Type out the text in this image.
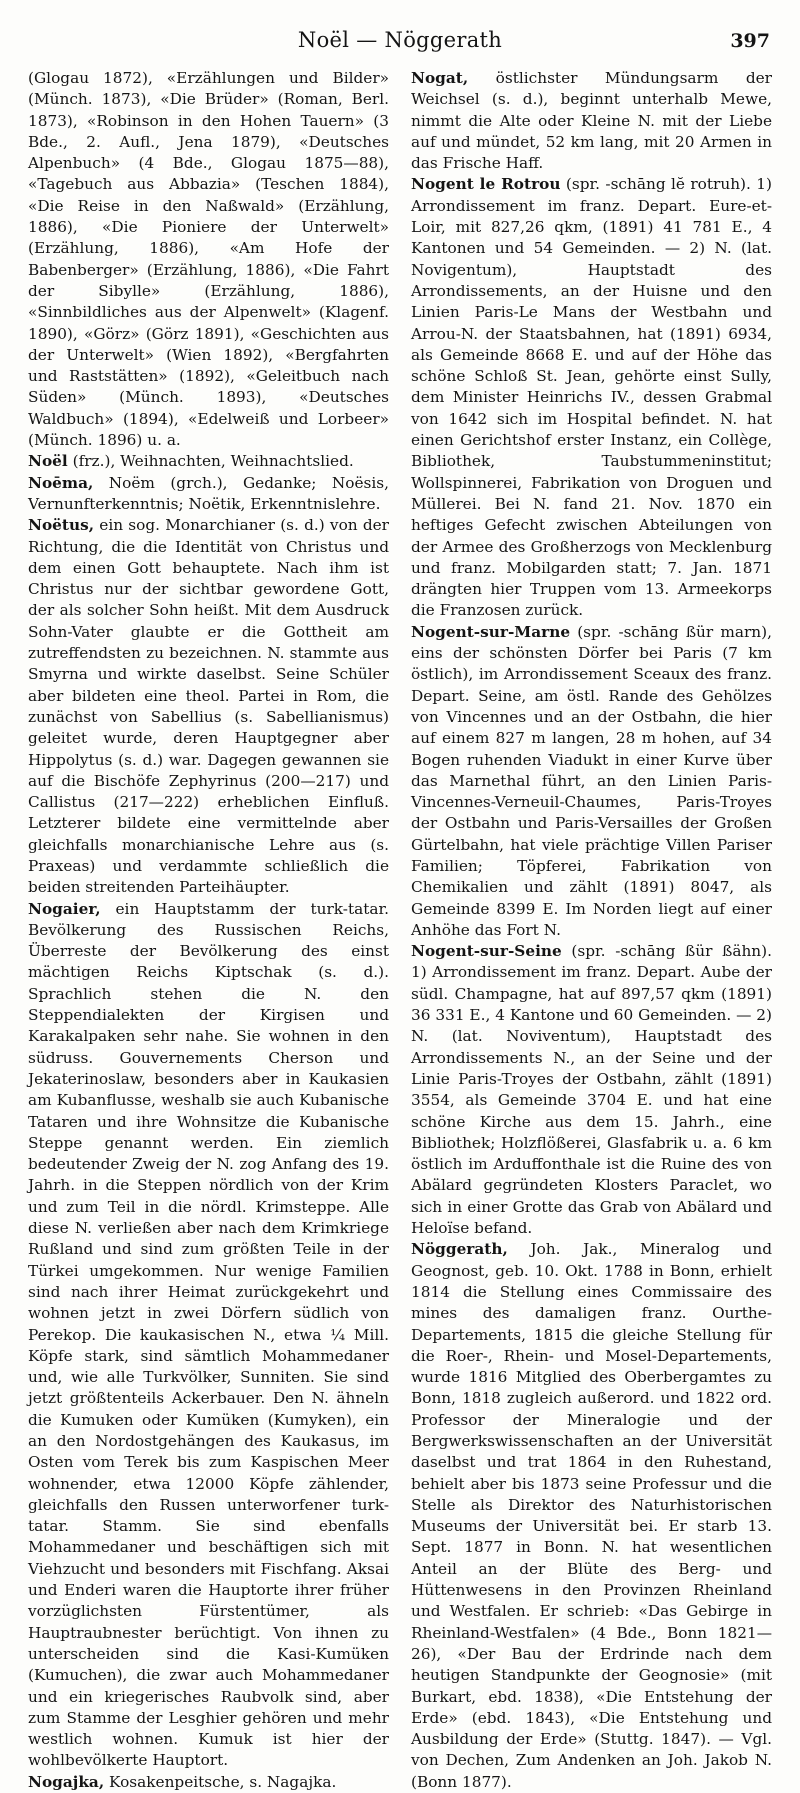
Noël — Nöggerath	397

(Glogau 1872), «Erzählungen und Bilder» (Münch. 1873), «Die Brüder» (Roman, Berl. 1873), «Robinson in den Hohen Tauern» (3 Bde., 2. Aufl., Jena 1879), «Deutsches Alpenbuch» (4 Bde., Glogau 1875—88), «Tagebuch aus Abbazia» (Teschen 1884), «Die Reise in den Naßwald» (Erzählung, 1886), «Die Pioniere der Unterwelt» (Erzählung, 1886), «Am Hofe der Babenberger» (Erzählung, 1886), «Die Fahrt der Sibylle» (Erzählung, 1886), «Sinnbildliches aus der Alpenwelt» (Klagenf. 1890), «Görz» (Görz 1891), «Geschichten aus der Unterwelt» (Wien 1892), «Bergfahrten und Raststätten» (1892), «Geleitbuch nach Süden» (Münch. 1893), «Deutsches Waldbuch» (1894), «Edelweiß und Lorbeer» (Münch. 1896) u. a.

Noël (frz.), Weihnachten, Weihnachtslied.

Noēma, Noëm (grch.), Gedanke; Noësis, Vernunfterkenntnis; Noëtik, Erkenntnislehre.

Noëtus, ein sog. Monarchianer (s. d.) von der Richtung, die die Identität von Christus und dem einen Gott behauptete. Nach ihm ist Christus nur der sichtbar gewordene Gott, der als solcher Sohn heißt. Mit dem Ausdruck Sohn-Vater glaubte er die Gottheit am zutreffendsten zu bezeichnen. N. stammte aus Smyrna und wirkte daselbst. Seine Schüler aber bildeten eine theol. Partei in Rom, die zunächst von Sabellius (s. Sabellianismus) geleitet wurde, deren Hauptgegner aber Hippolytus (s. d.) war. Dagegen gewannen sie auf die Bischöfe Zephyrinus (200—217) und Callistus (217—222) erheblichen Einfluß. Letzterer bildete eine vermittelnde aber gleichfalls monarchianische Lehre aus (s. Praxeas) und verdammte schließlich die beiden streitenden Parteihäupter.

Nogaier, ein Hauptstamm der turk-tatar. Bevölkerung des Russischen Reichs, Überreste der Bevölkerung des einst mächtigen Reichs Kiptschak (s. d.). Sprachlich stehen die N. den Steppendialekten der Kirgisen und Karakalpaken sehr nahe. Sie wohnen in den südruss. Gouvernements Cherson und Jekaterinoslaw, besonders aber in Kaukasien am Kubanflusse, weshalb sie auch Kubanische Tataren und ihre Wohnsitze die Kubanische Steppe genannt werden. Ein ziemlich bedeutender Zweig der N. zog Anfang des 19. Jahrh. in die Steppen nördlich von der Krim und zum Teil in die nördl. Krimsteppe. Alle diese N. verließen aber nach dem Krimkriege Rußland und sind zum größten Teile in der Türkei umgekommen. Nur wenige Familien sind nach ihrer Heimat zurückgekehrt und wohnen jetzt in zwei Dörfern südlich von Perekop. Die kaukasischen N., etwa ¼ Mill. Köpfe stark, sind sämtlich Mohammedaner und, wie alle Turkvölker, Sunniten. Sie sind jetzt größtenteils Ackerbauer. Den N. ähneln die Kumuken oder Kumüken (Kumyken), ein an den Nordostgehängen des Kaukasus, im Osten vom Terek bis zum Kaspischen Meer wohnender, etwa 12000 Köpfe zählender, gleichfalls den Russen unterworfener turk-tatar. Stamm. Sie sind ebenfalls Mohammedaner und beschäftigen sich mit Viehzucht und besonders mit Fischfang. Aksai und Enderi waren die Hauptorte ihrer früher vorzüglichsten Fürstentümer, als Hauptraubnester berüchtigt. Von ihnen zu unterscheiden sind die Kasi-Kumüken (Kumuchen), die zwar auch Mohammedaner und ein kriegerisches Raubvolk sind, aber zum Stamme der Lesghier gehören und mehr westlich wohnen. Kumuk ist hier der wohlbevölkerte Hauptort.

Nogajka, Kosakenpeitsche, s. Nagajka.

Nogat, östlichster Mündungsarm der Weichsel (s. d.), beginnt unterhalb Mewe, nimmt die Alte oder Kleine N. mit der Liebe auf und mündet, 52 km lang, mit 20 Armen in das Frische Haff.

Nogent le Rotrou (spr. -schāng lĕ rotruh). 1) Arrondissement im franz. Depart. Eure-et-Loir, mit 827,26 qkm, (1891) 41 781 E., 4 Kantonen und 54 Gemeinden. — 2) N. (lat. Novigentum), Hauptstadt des Arrondissements, an der Huisne und den Linien Paris-Le Mans der Westbahn und Arrou-N. der Staatsbahnen, hat (1891) 6934, als Gemeinde 8668 E. und auf der Höhe das schöne Schloß St. Jean, gehörte einst Sully, dem Minister Heinrichs IV., dessen Grabmal von 1642 sich im Hospital befindet. N. hat einen Gerichtshof erster Instanz, ein Collège, Bibliothek, Taubstummeninstitut; Wollspinnerei, Fabrikation von Droguen und Müllerei. Bei N. fand 21. Nov. 1870 ein heftiges Gefecht zwischen Abteilungen von der Armee des Großherzogs von Mecklenburg und franz. Mobilgarden statt; 7. Jan. 1871 drängten hier Truppen vom 13. Armeekorps die Franzosen zurück.

Nogent-sur-Marne (spr. -schāng ßür marn), eins der schönsten Dörfer bei Paris (7 km östlich), im Arrondissement Sceaux des franz. Depart. Seine, am östl. Rande des Gehölzes von Vincennes und an der Ostbahn, die hier auf einem 827 m langen, 28 m hohen, auf 34 Bogen ruhenden Viadukt in einer Kurve über das Marnethal führt, an den Linien Paris-Vincennes-Verneuil-Chaumes, Paris-Troyes der Ostbahn und Paris-Versailles der Großen Gürtelbahn, hat viele prächtige Villen Pariser Familien; Töpferei, Fabrikation von Chemikalien und zählt (1891) 8047, als Gemeinde 8399 E. Im Norden liegt auf einer Anhöhe das Fort N.

Nogent-sur-Seine (spr. -schāng ßür ßähn). 1) Arrondissement im franz. Depart. Aube der südl. Champagne, hat auf 897,57 qkm (1891) 36 331 E., 4 Kantone und 60 Gemeinden. — 2) N. (lat. Noviventum), Hauptstadt des Arrondissements N., an der Seine und der Linie Paris-Troyes der Ostbahn, zählt (1891) 3554, als Gemeinde 3704 E. und hat eine schöne Kirche aus dem 15. Jahrh., eine Bibliothek; Holzflößerei, Glasfabrik u. a. 6 km östlich im Arduffonthale ist die Ruine des von Abälard gegründeten Klosters Paraclet, wo sich in einer Grotte das Grab von Abälard und Heloïse befand.

Nöggerath, Joh. Jak., Mineralog und Geognost, geb. 10. Okt. 1788 in Bonn, erhielt 1814 die Stellung eines Commissaire des mines des damaligen franz. Ourthe-Departements, 1815 die gleiche Stellung für die Roer-, Rhein- und Mosel-Departements, wurde 1816 Mitglied des Oberbergamtes zu Bonn, 1818 zugleich außerord. und 1822 ord. Professor der Mineralogie und der Bergwerkswissenschaften an der Universität daselbst und trat 1864 in den Ruhestand, behielt aber bis 1873 seine Professur und die Stelle als Direktor des Naturhistorischen Museums der Universität bei. Er starb 13. Sept. 1877 in Bonn. N. hat wesentlichen Anteil an der Blüte des Berg- und Hüttenwesens in den Provinzen Rheinland und Westfalen. Er schrieb: «Das Gebirge in Rheinland-Westfalen» (4 Bde., Bonn 1821—26), «Der Bau der Erdrinde nach dem heutigen Standpunkte der Geognosie» (mit Burkart, ebd. 1838), «Die Entstehung der Erde» (ebd. 1843), «Die Entstehung und Ausbildung der Erde» (Stuttg. 1847). — Vgl. von Dechen, Zum Andenken an Joh. Jakob N. (Bonn 1877).
